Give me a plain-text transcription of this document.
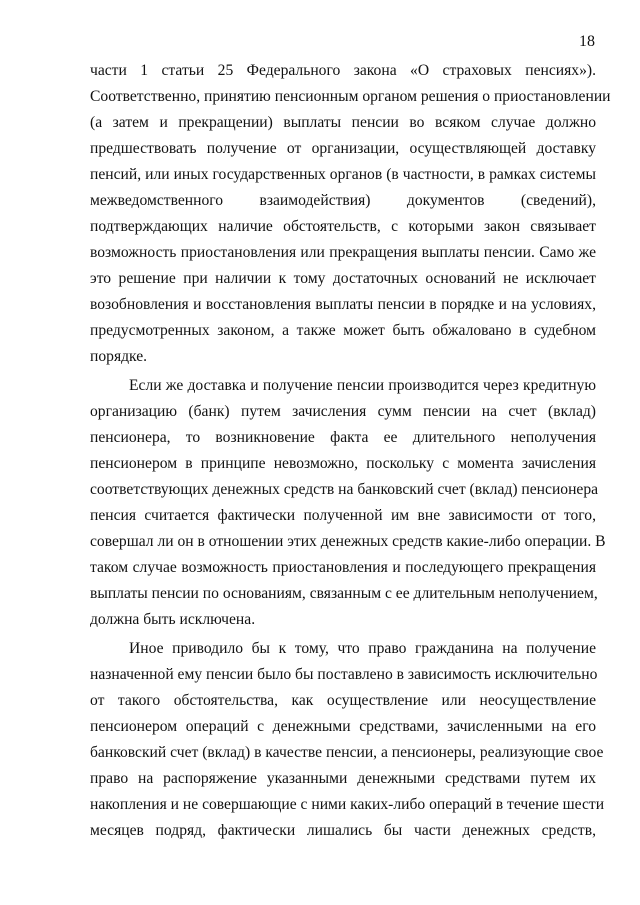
18
части 1 статьи 25 Федерального закона «О страховых пенсиях»).
Соответственно, принятию пенсионным органом решения о приостановлении
(а затем и прекращении) выплаты пенсии во всяком случае должно
предшествовать получение от организации, осуществляющей доставку
пенсий, или иных государственных органов (в частности, в рамках системы
межведомственного взаимодействия) документов (сведений),
подтверждающих наличие обстоятельств, с которыми закон связывает
возможность приостановления или прекращения выплаты пенсии. Само же
это решение при наличии к тому достаточных оснований не исключает
возобновления и восстановления выплаты пенсии в порядке и на условиях,
предусмотренных законом, а также может быть обжаловано в судебном
порядке.
Если же доставка и получение пенсии производится через кредитную
организацию (банк) путем зачисления сумм пенсии на счет (вклад)
пенсионера, то возникновение факта ее длительного неполучения
пенсионером в принципе невозможно, поскольку с момента зачисления
соответствующих денежных средств на банковский счет (вклад) пенсионера
пенсия считается фактически полученной им вне зависимости от того,
совершал ли он в отношении этих денежных средств какие-либо операции. В
таком случае возможность приостановления и последующего прекращения
выплаты пенсии по основаниям, связанным с ее длительным неполучением,
должна быть исключена.
Иное приводило бы к тому, что право гражданина на получение
назначенной ему пенсии было бы поставлено в зависимость исключительно
от такого обстоятельства, как осуществление или неосуществление
пенсионером операций с денежными средствами, зачисленными на его
банковский счет (вклад) в качестве пенсии, а пенсионеры, реализующие свое
право на распоряжение указанными денежными средствами путем их
накопления и не совершающие с ними каких-либо операций в течение шести
месяцев подряд, фактически лишались бы части денежных средств,
